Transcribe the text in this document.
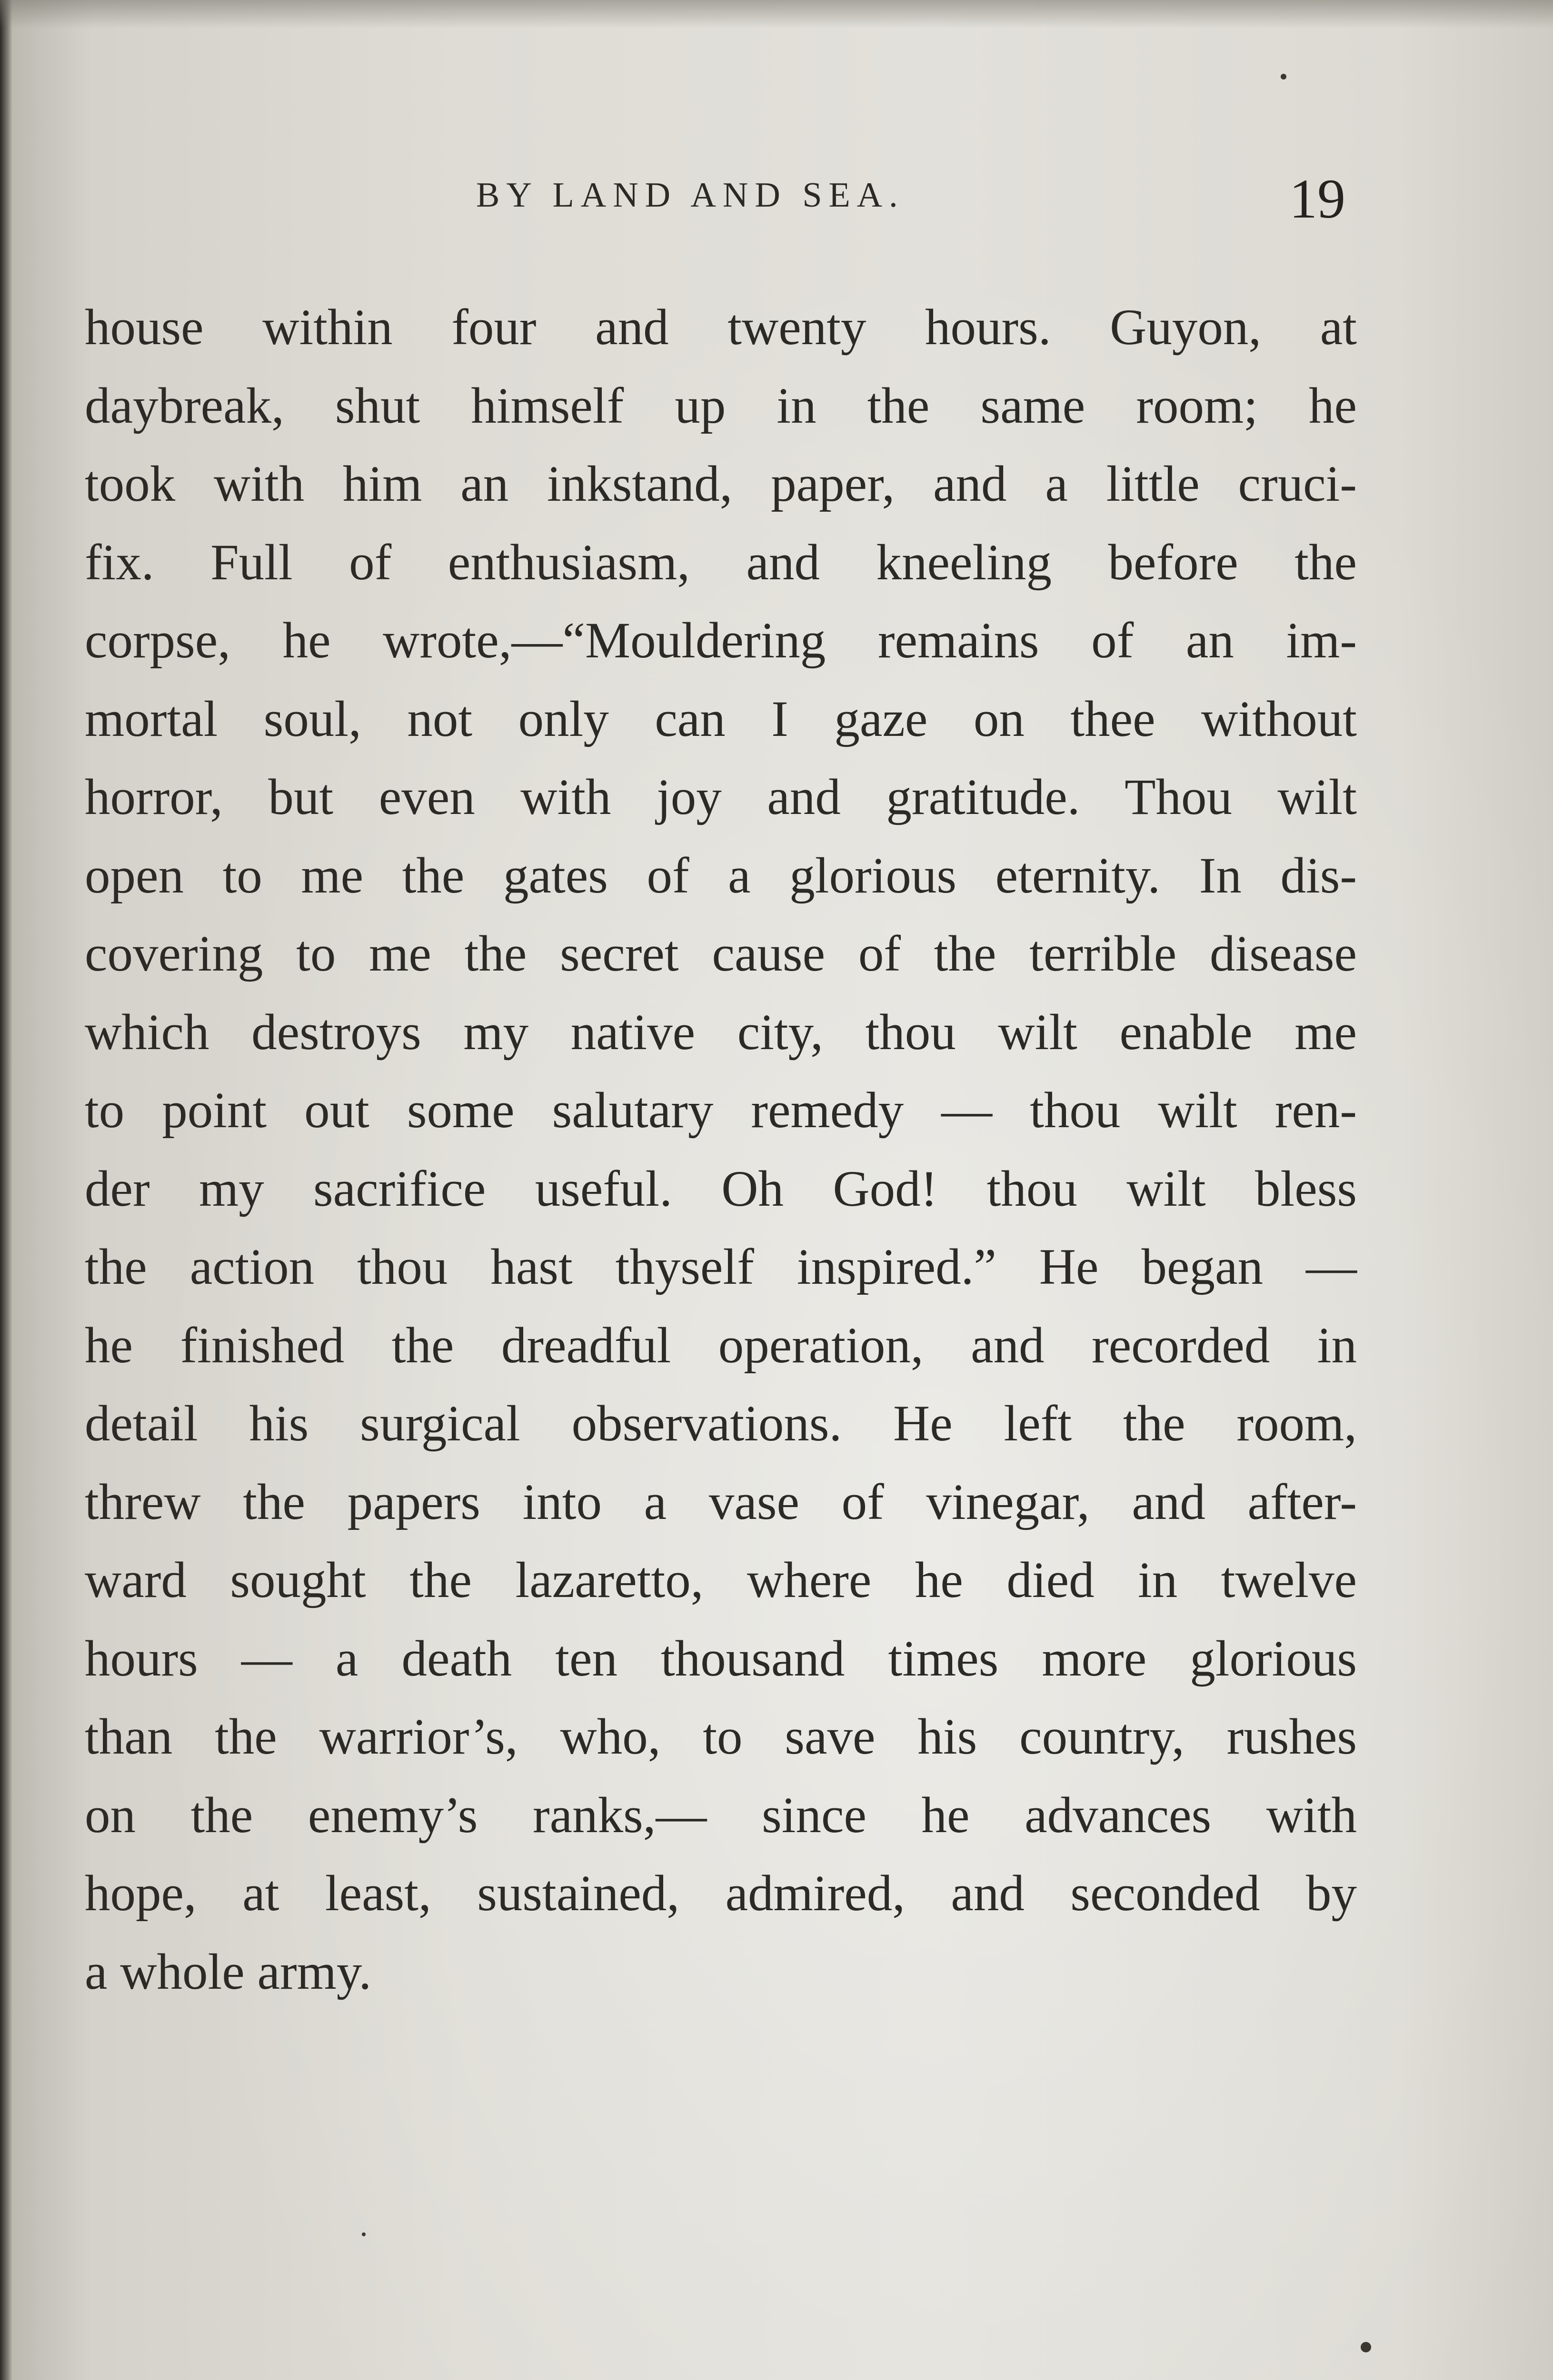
BY LAND AND SEA.	19
house within four and twenty hours. Guyon, at
daybreak, shut himself up in the same room; he
took with him an inkstand, paper, and a little cruci-
fix. Full of enthusiasm, and kneeling before the
corpse, he wrote,—“Mouldering remains of an im-
mortal soul, not only can I gaze on thee without
horror, but even with joy and gratitude. Thou wilt
open to me the gates of a glorious eternity. In dis-
covering to me the secret cause of the terrible disease
which destroys my native city, thou wilt enable me
to point out some salutary remedy — thou wilt ren-
der my sacrifice useful. Oh God! thou wilt bless
the action thou hast thyself inspired.” He began —
he finished the dreadful operation, and recorded in
detail his surgical observations. He left the room,
threw the papers into a vase of vinegar, and after-
ward sought the lazaretto, where he died in twelve
hours — a death ten thousand times more glorious
than the warrior’s, who, to save his country, rushes
on the enemy’s ranks,— since he advances with
hope, at least, sustained, admired, and seconded by
a whole army.
